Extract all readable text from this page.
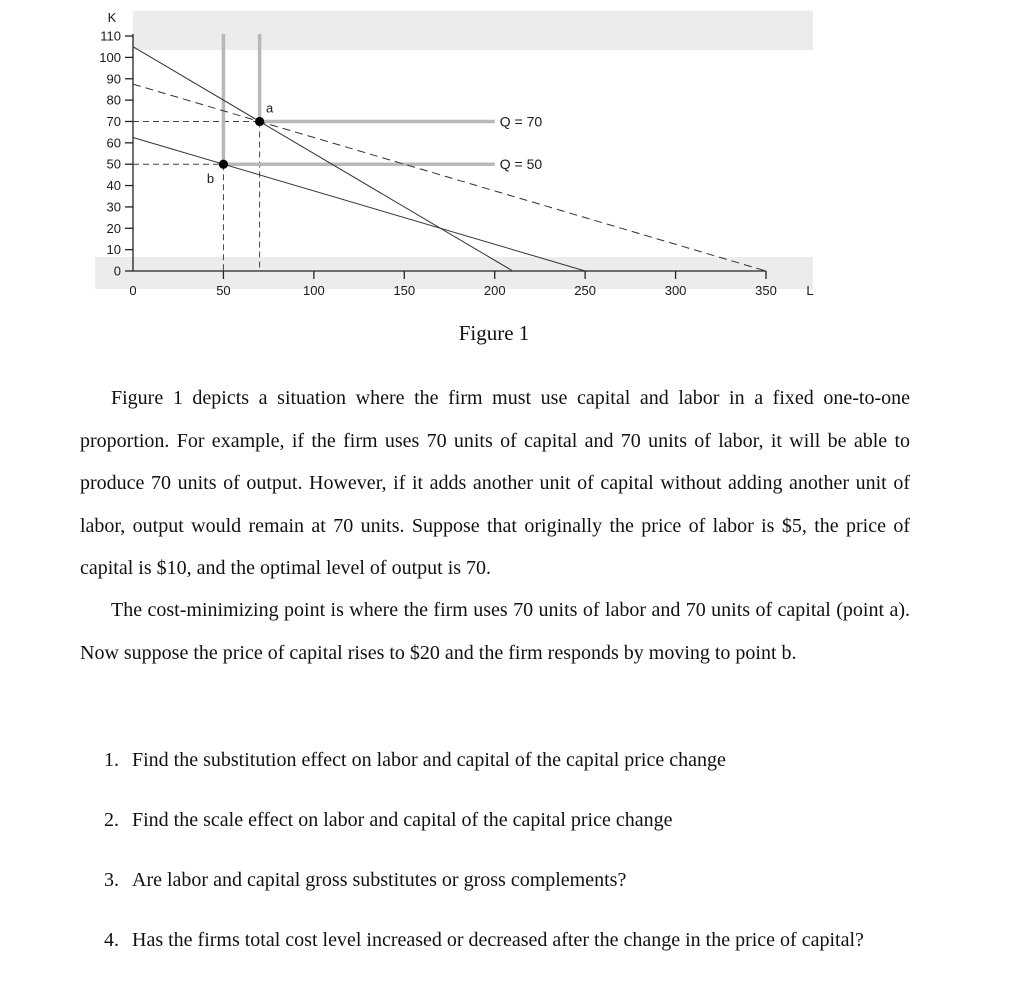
0
10
20
30
40
50
60
70
80
90
100
110
K
0	50	100	150	200	250	300	350 L
Q = 70
Q = 50
a
b
Figure 1

Figure 1 depicts a situation where the firm must use capital and labor in a fixed one-to-one proportion. For example, if the firm uses 70 units of capital and 70 units of labor, it will be able to produce 70 units of output. However, if it adds another unit of capital without adding another unit of labor, output would remain at 70 units. Suppose that originally the price of labor is $5, the price of capital is $10, and the optimal level of output is 70.

The cost-minimizing point is where the firm uses 70 units of labor and 70 units of capital (point a). Now suppose the price of capital rises to $20 and the firm responds by moving to point b.

1. Find the substitution effect on labor and capital of the capital price change
2. Find the scale effect on labor and capital of the capital price change
3. Are labor and capital gross substitutes or gross complements?
4. Has the firms total cost level increased or decreased after the change in the price of capital?
